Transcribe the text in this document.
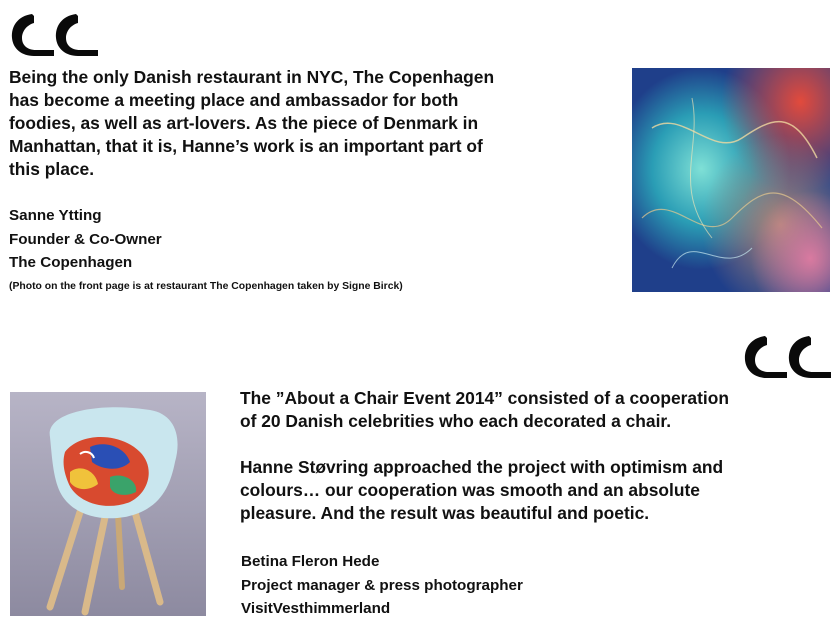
Being the only Danish restaurant in NYC, The Copenhagen

has become a meeting place and ambassador for both

foodies, as well as art-lovers. As the piece of Denmark in

Manhattan, that it is, Hanne’s work is an important part of

this place.

Sanne Ytting

Founder & Co-Owner

The Copenhagen

(Photo on the front page is at restaurant The Copenhagen taken by Signe Birck)

The ”About a Chair Event 2014” consisted of a cooperation

of 20 Danish celebrities who each decorated a chair.

Hanne Støvring approached the project with optimism and

colours… our cooperation was smooth and an absolute

pleasure. And the result was beautiful and poetic.

Betina Fleron Hede

Project manager & press photographer

VisitVesthimmerland
